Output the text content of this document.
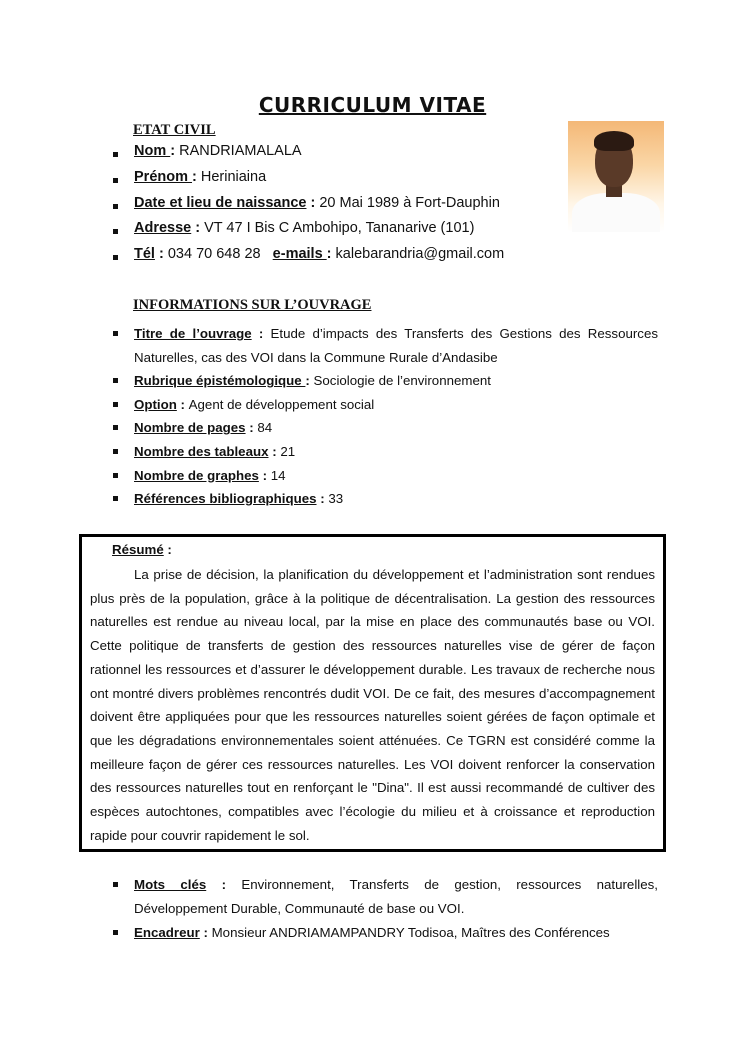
CURRICULUM VITAE
ETAT CIVIL
Nom : RANDRIAMALALA
Prénom : Heriniaina
Date et lieu de naissance : 20 Mai 1989 à Fort-Dauphin
Adresse : VT 47 I Bis C Ambohipo, Tananarive (101)
Tél : 034 70 648 28 e-mails : kalebarandria@gmail.com
INFORMATIONS SUR L’OUVRAGE
Titre de l’ouvrage : Etude d’impacts des Transferts des Gestions des Ressources Naturelles, cas des VOI dans la Commune Rurale d’Andasibe
Rubrique épistémologique : Sociologie de l’environnement
Option : Agent de développement social
Nombre de pages : 84
Nombre des tableaux : 21
Nombre de graphes : 14
Références bibliographiques : 33
Résumé :
La prise de décision, la planification du développement et l’administration sont rendues plus près de la population, grâce à la politique de décentralisation. La gestion des ressources naturelles est rendue au niveau local, par la mise en place des communautés base ou VOI. Cette politique de transferts de gestion des ressources naturelles vise de gérer de façon rationnel les ressources et d’assurer le développement durable. Les travaux de recherche nous ont montré divers problèmes rencontrés dudit VOI. De ce fait, des mesures d’accompagnement doivent être appliquées pour que les ressources naturelles soient gérées de façon optimale et que les dégradations environnementales soient atténuées. Ce TGRN est considéré comme la meilleure façon de gérer ces ressources naturelles. Les VOI doivent renforcer la conservation des ressources naturelles tout en renforçant le "Dina". Il est aussi recommandé de cultiver des espèces autochtones, compatibles avec l’écologie du milieu et à croissance et reproduction rapide pour couvrir rapidement le sol.
Mots clés : Environnement, Transferts de gestion, ressources naturelles, Développement Durable, Communauté de base ou VOI.
Encadreur : Monsieur ANDRIAMAMPANDRY Todisoa, Maîtres des Conférences
